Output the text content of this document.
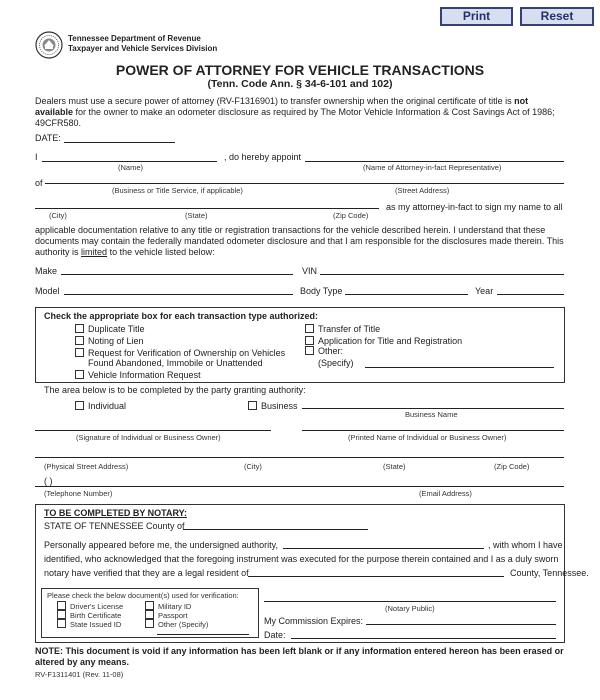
Print	Reset
Tennessee Department of Revenue
Taxpayer and Vehicle Services Division
POWER OF ATTORNEY FOR VEHICLE TRANSACTIONS
(Tenn. Code Ann. § 34-6-101 and 102)
Dealers must use a secure power of attorney (RV-F1316901) to transfer ownership when the original certificate of title is not
available for the owner to make an odometer disclosure as required by The Motor Vehicle Information & Cost Savings Act of 1986;
49CFR580.
DATE:
I	, do hereby appoint
(Name)	(Name of Attorney-in-fact Representative)
of
(Business or Title Service, if applicable)	(Street Address)
as my attorney-in-fact to sign my name to all
(City)	(State)	(Zip Code)
applicable documentation relative to any title or registration transactions for the vehicle described herein. I understand that these
documents may contain the federally mandated odometer disclosure and that I am responsible for the disclosures made therein. This
authority is limited to the vehicle listed below:
Make	VIN
Model	Body Type	Year
Check the appropriate box for each transaction type authorized:
Duplicate Title
Noting of Lien
Request for Verification of Ownership on Vehicles
Found Abandoned, Immobile or Unattended
Vehicle Information Request
Transfer of Title
Application for Title and Registration
Other:
(Specify)
The area below is to be completed by the party granting authority:
Individual	Business
Business Name
(Signature of Individual or Business Owner)	(Printed Name of Individual or Business Owner)
(Physical Street Address)	(City)	(State)	(Zip Code)
( )
(Telephone Number)	(Email Address)
TO BE COMPLETED BY NOTARY:
STATE OF TENNESSEE County of
Personally appeared before me, the undersigned authority,	, with whom I have
identified, who acknowledged that the foregoing instrument was executed for the purpose therein contained and I as a duly sworn
notary have verified that they are a legal resident of	County, Tennessee.
Please check the below document(s) used for verification:
Driver's License
Birth Certificate
State Issued ID
Military ID
Passport
Other (Specify)
(Notary Public)
My Commission Expires:
Date:
NOTE: This document is void if any information has been left blank or if any information entered hereon has been erased or
altered by any means.
RV-F1311401 (Rev. 11-08)
